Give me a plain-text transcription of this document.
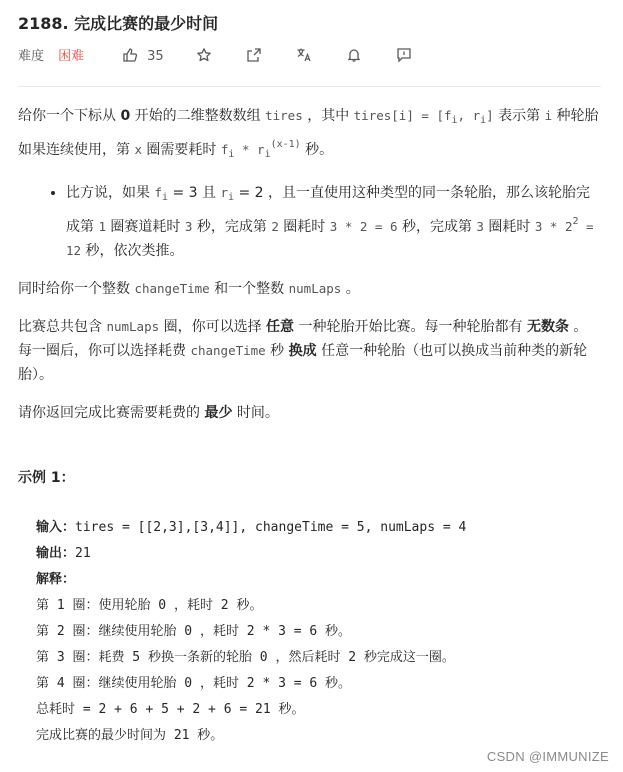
2188. 完成比赛的最少时间
难度 困难	35

给你一个下标从 0 开始的二维整数数组 tires ，其中 tires[i] = [$f_i$, $r_i$] 表示第 i 种轮胎如果连续使用，第 x 圈需要耗时 $f_i * r_i^{(x-1)}$ 秒。

• 比方说，如果 $f_i = 3$ 且 $r_i = 2$ ，且一直使用这种类型的同一条轮胎，那么该轮胎完成第 1 圈赛道耗时 3 秒，完成第 2 圈耗时 3 * 2 = 6 秒，完成第 3 圈耗时 $3 * 2^2 = 12$ 秒，依次类推。

同时给你一个整数 changeTime 和一个整数 numLaps 。

比赛总共包含 numLaps 圈，你可以选择 任意 一种轮胎开始比赛。每一种轮胎都有 无数条 。每一圈后，你可以选择耗费 changeTime 秒 换成 任意一种轮胎（也可以换成当前种类的新轮胎）。

请你返回完成比赛需要耗费的 最少 时间。

示例 1：
输入：tires = [[2,3],[3,4]], changeTime = 5, numLaps = 4
输出：21
解释：
第 1 圈：使用轮胎 0 ，耗时 2 秒。
第 2 圈：继续使用轮胎 0 ，耗时 2 * 3 = 6 秒。
第 3 圈：耗费 5 秒换一条新的轮胎 0 ，然后耗时 2 秒完成这一圈。
第 4 圈：继续使用轮胎 0 ，耗时 2 * 3 = 6 秒。
总耗时 = 2 + 6 + 5 + 2 + 6 = 21 秒。
完成比赛的最少时间为 21 秒。
CSDN @IMMUNIZE
